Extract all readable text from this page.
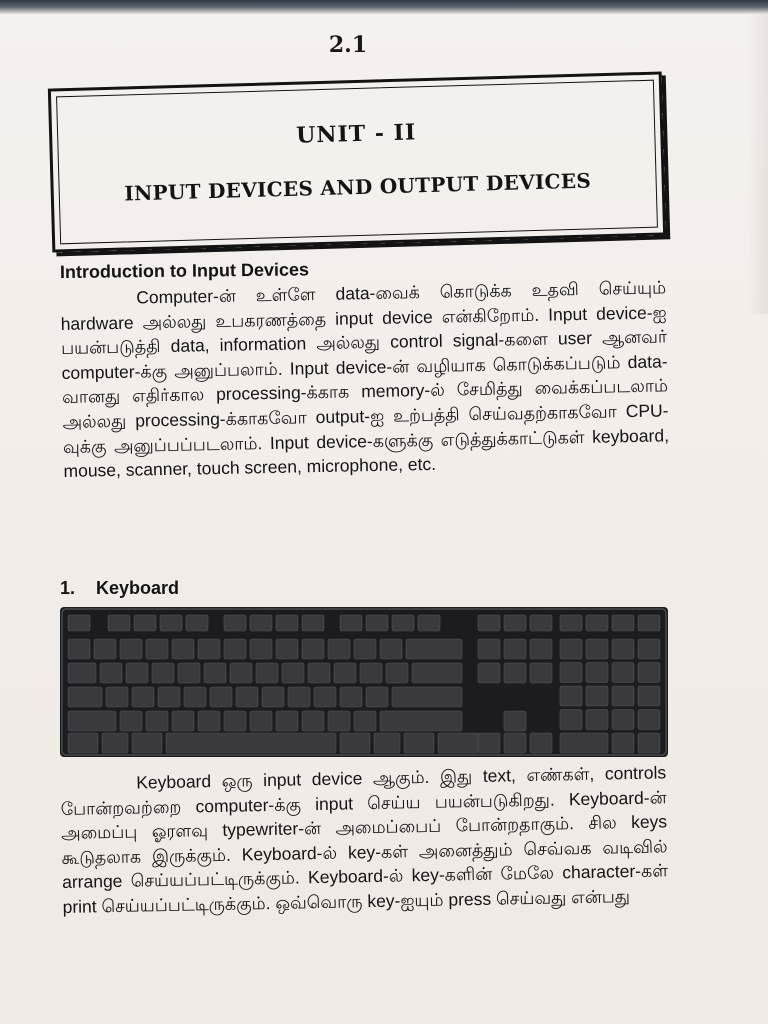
2.1
UNIT - II
INPUT DEVICES AND OUTPUT DEVICES
Introduction to Input Devices

Computer-ன் உள்ளே data-வைக் கொடுக்க உதவி செய்யும் hardware அல்லது உபகரணத்தை input device என்கிறோம். Input device-ஐ பயன்படுத்தி data, information அல்லது control signal-களை user ஆனவர் computer-க்கு அனுப்பலாம். Input device-ன் வழியாக கொடுக்கப்படும் data-வானது எதிர்கால processing-க்காக memory-ல் சேமித்து வைக்கப்படலாம் அல்லது processing-க்காகவோ output-ஐ உற்பத்தி செய்வதற்காகவோ CPU-வுக்கு அனுப்பப்படலாம். Input device-களுக்கு எடுத்துக்காட்டுகள் keyboard, mouse, scanner, touch screen, microphone, etc.

1. Keyboard

Keyboard ஒரு input device ஆகும். இது text, எண்கள், controls போன்றவற்றை computer-க்கு input செய்ய பயன்படுகிறது. Keyboard-ன் அமைப்பு ஓரளவு typewriter-ன் அமைப்பைப் போன்றதாகும். சில keys கூடுதலாக இருக்கும். Keyboard-ல் key-கள் அனைத்தும் செவ்வக வடிவில் arrange செய்யப்பட்டிருக்கும். Keyboard-ல் key-களின் மேலே character-கள் print செய்யப்பட்டிருக்கும். ஒவ்வொரு key-ஐயும் press செய்வது என்பது
